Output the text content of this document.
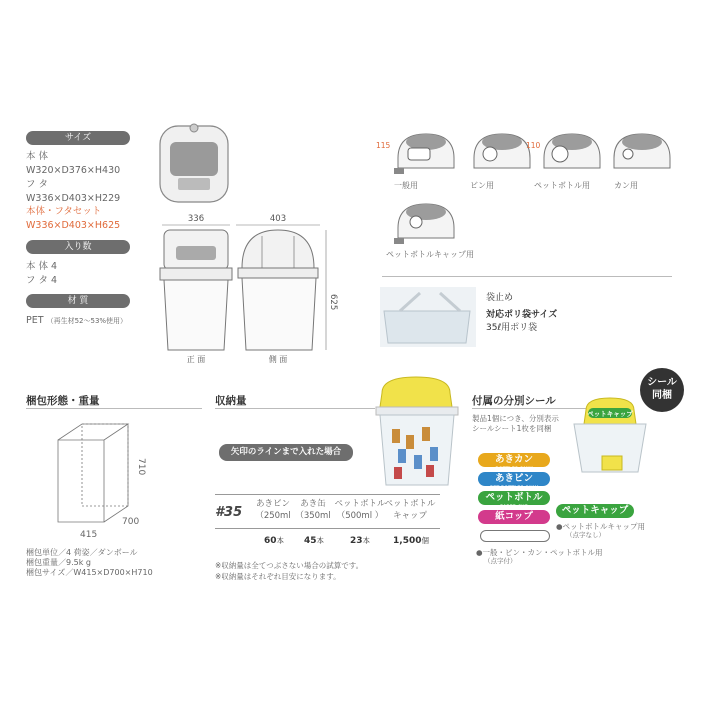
サイズ
本 体
W320×D376×H430
フ タ
W336×D403×H229
本体・フタセット
W336×D403×H625
入り数
本 体 4
フ タ 4
材 質
PET （再生材52〜53%使用）
336
正 面
403
側 面
625
115	110
一般用	ビン用	ペットボトル用	カン用
ペットボトルキャップ用
袋止め
対応ポリ袋サイズ
35ℓ用ポリ袋
梱包形態・重量
710
415
700
梱包単位／4 荷姿／ダンボール
梱包重量／9.5k g
梱包サイズ／W415×D700×H710
収納量
矢印のラインまで入れた場合
#35
あきビン
（250ml
あき缶
（350ml
ペットボトル
（500ml ）
ペットボトル
キャップ
60本	45本	23本	1,500個
※収納量は全てつぶさない場合の試算です。
※収納量はそれぞれ目安になります。
付属の分別シール
製品1個につき、分別表示
シールシート1枚を同梱
シール
同梱
ペットキャップ
CANS ONLY
あきカン
BOTTLES ONLY
あきビン
PET BOTTLES ONLY
ペットボトル
PAPER CUP
紙コップ
PET BOTTLES CAP ONLY
ペットキャップ
●ペットボトルキャップ用
（点字なし）
●一般・ビン・カン・ペットボトル用
（点字付）
